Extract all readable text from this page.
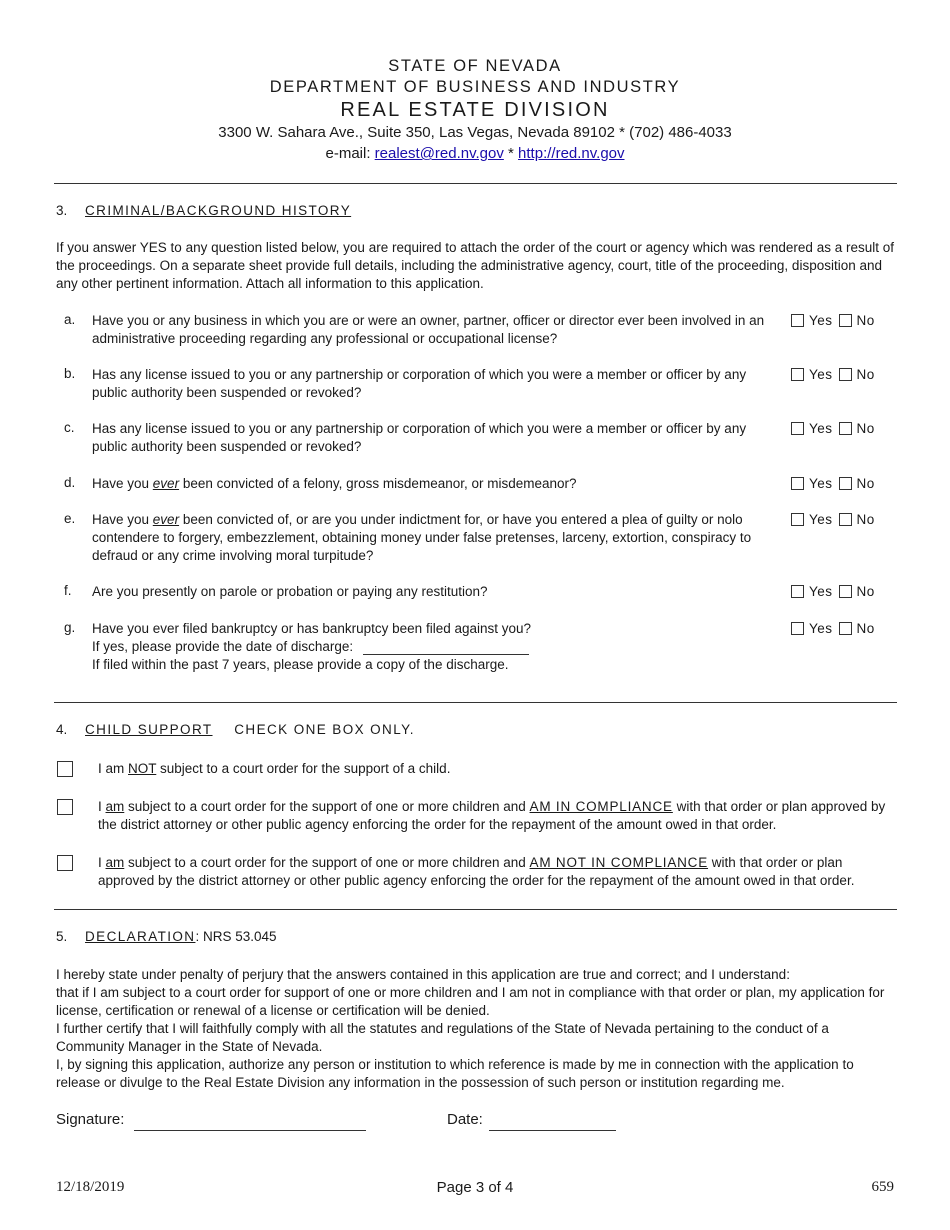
STATE OF NEVADA
DEPARTMENT OF BUSINESS AND INDUSTRY
REAL ESTATE DIVISION
3300 W. Sahara Ave., Suite 350, Las Vegas, Nevada 89102 * (702) 486-4033
e-mail: realest@red.nv.gov * http://red.nv.gov
3. CRIMINAL/BACKGROUND HISTORY
If you answer YES to any question listed below, you are required to attach the order of the court or agency which was rendered as a result of the proceedings. On a separate sheet provide full details, including the administrative agency, court, title of the proceeding, disposition and any other pertinent information. Attach all information to this application.
a. Have you or any business in which you are or were an owner, partner, officer or director ever been involved in an administrative proceeding regarding any professional or occupational license?
Yes No
b. Has any license issued to you or any partnership or corporation of which you were a member or officer by any public authority been suspended or revoked?
Yes No
c. Has any license issued to you or any partnership or corporation of which you were a member or officer by any public authority been suspended or revoked?
Yes No
d. Have you ever been convicted of a felony, gross misdemeanor, or misdemeanor?	Yes No
e. Have you ever been convicted of, or are you under indictment for, or have you entered a plea of guilty or nolo contendere to forgery, embezzlement, obtaining money under false pretenses, larceny, extortion, conspiracy to defraud or any crime involving moral turpitude?
Yes No
f. Are you presently on parole or probation or paying any restitution?	Yes No
g. Have you ever filed bankruptcy or has bankruptcy been filed against you?
If yes, please provide the date of discharge:
If filed within the past 7 years, please provide a copy of the discharge.
Yes No
4. CHILD SUPPORT CHECK ONE BOX ONLY.
I am NOT subject to a court order for the support of a child.
I am subject to a court order for the support of one or more children and AM IN COMPLIANCE with that order or plan approved by the district attorney or other public agency enforcing the order for the repayment of the amount owed in that order.
I am subject to a court order for the support of one or more children and AM NOT IN COMPLIANCE with that order or plan approved by the district attorney or other public agency enforcing the order for the repayment of the amount owed in that order.
5. DECLARATION: NRS 53.045
I hereby state under penalty of perjury that the answers contained in this application are true and correct; and I understand:
that if I am subject to a court order for support of one or more children and I am not in compliance with that order or plan, my application for license, certification or renewal of a license or certification will be denied.
I further certify that I will faithfully comply with all the statutes and regulations of the State of Nevada pertaining to the conduct of a Community Manager in the State of Nevada.
I, by signing this application, authorize any person or institution to which reference is made by me in connection with the application to release or divulge to the Real Estate Division any information in the possession of such person or institution regarding me.
Signature:	Date:
12/18/2019	Page 3 of 4	659
